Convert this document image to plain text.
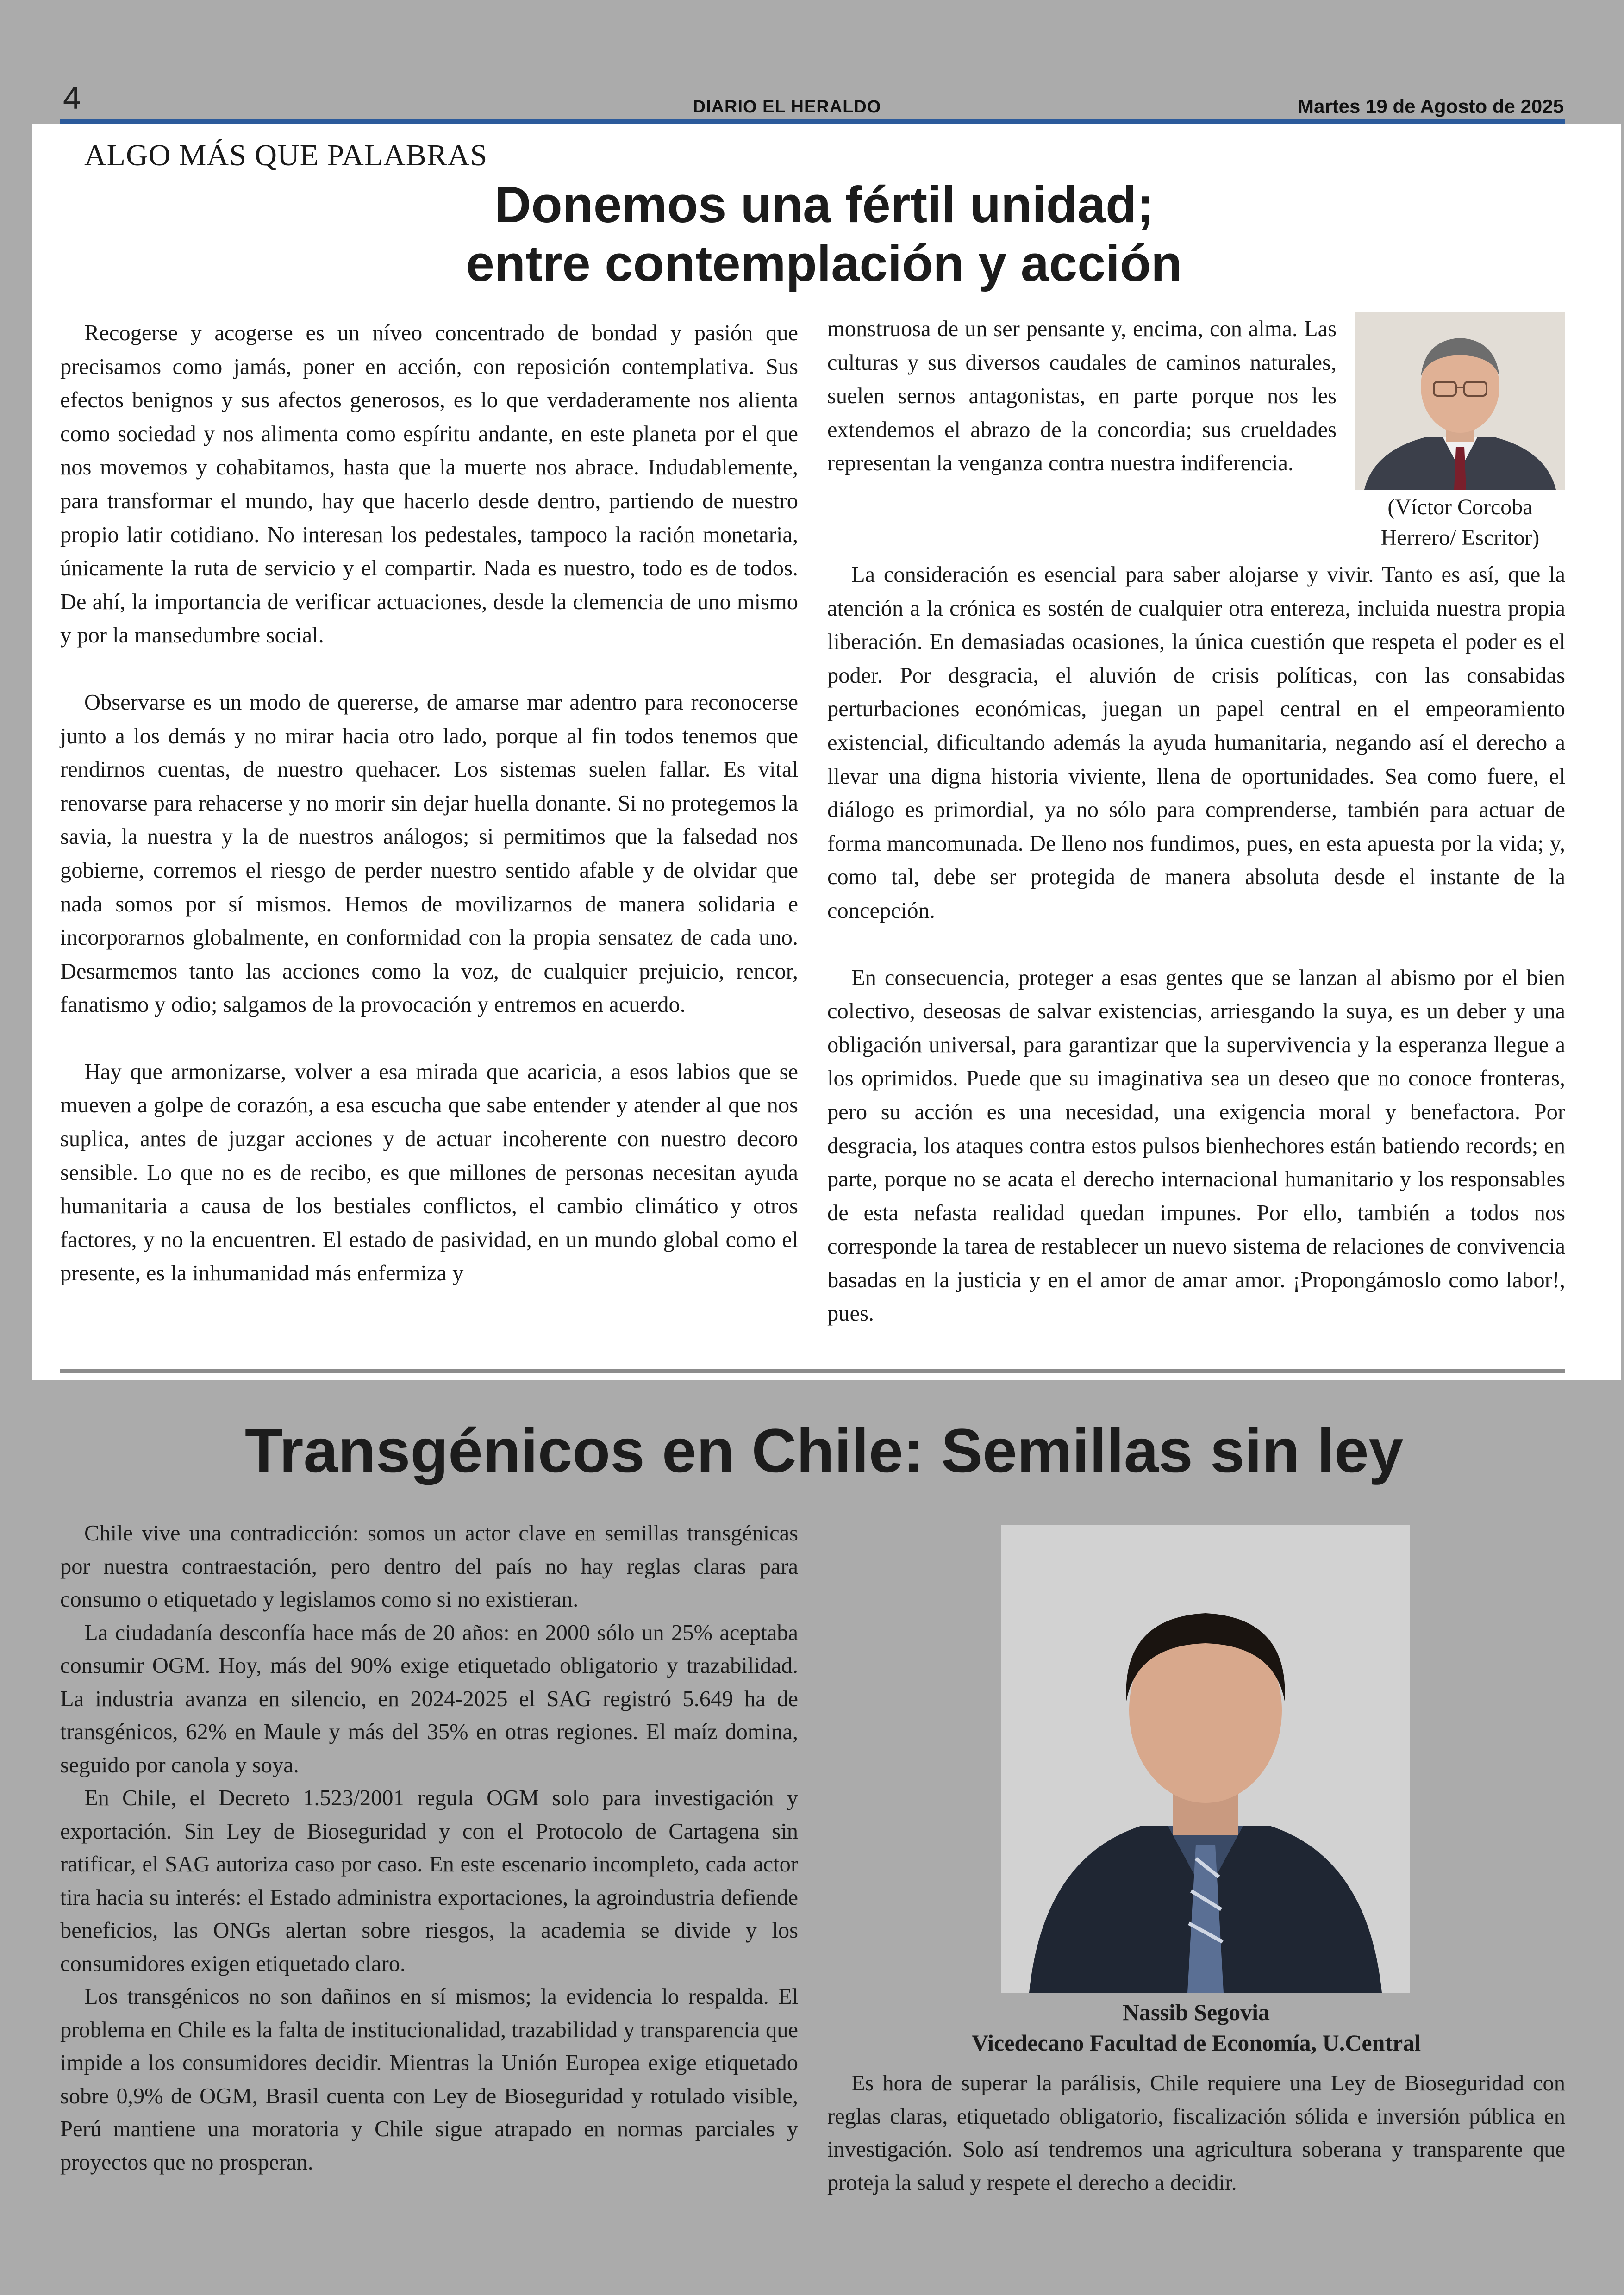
4	DIARIO EL HERALDO	Martes 19 de Agosto de 2025
ALGO MÁS QUE PALABRAS
Donemos una fértil unidad;
entre contemplación y acción

Recogerse y acogerse es un níveo concentrado de bondad y pasión que precisamos como jamás, poner en acción, con reposición contemplativa. Sus efectos benignos y sus afectos generosos, es lo que verdaderamente nos alienta como sociedad y nos alimenta como espíritu andante, en este planeta por el que nos movemos y cohabitamos, hasta que la muerte nos abrace. Indudablemente, para transformar el mundo, hay que hacerlo desde dentro, partiendo de nuestro propio latir cotidiano. No interesan los pedestales, tampoco la ración monetaria, únicamente la ruta de servicio y el compartir. Nada es nuestro, todo es de todos. De ahí, la importancia de verificar actuaciones, desde la clemencia de uno mismo y por la mansedumbre social.

Observarse es un modo de quererse, de amarse mar adentro para reconocerse junto a los demás y no mirar hacia otro lado, porque al fin todos tenemos que rendirnos cuentas, de nuestro quehacer. Los sistemas suelen fallar. Es vital renovarse para rehacerse y no morir sin dejar huella donante. Si no protegemos la savia, la nuestra y la de nuestros análogos; si permitimos que la falsedad nos gobierne, corremos el riesgo de perder nuestro sentido afable y de olvidar que nada somos por sí mismos. Hemos de movilizarnos de manera solidaria e incorporarnos globalmente, en conformidad con la propia sensatez de cada uno. Desarmemos tanto las acciones como la voz, de cualquier prejuicio, rencor, fanatismo y odio; salgamos de la provocación y entremos en acuerdo.

Hay que armonizarse, volver a esa mirada que acaricia, a esos labios que se mueven a golpe de corazón, a esa escucha que sabe entender y atender al que nos suplica, antes de juzgar acciones y de actuar incoherente con nuestro decoro sensible. Lo que no es de recibo, es que millones de personas necesitan ayuda humanitaria a causa de los bestiales conflictos, el cambio climático y otros factores, y no la encuentren. El estado de pasividad, en un mundo global como el presente, es la inhumanidad más enfermiza y

monstruosa de un ser pensante y, encima, con alma. Las culturas y sus diversos caudales de caminos naturales, suelen sernos antagonistas, en parte porque nos les extendemos el abrazo de la concordia; sus crueldades representan la venganza contra nuestra indiferencia.

(Víctor Corcoba
Herrero/ Escritor)

La consideración es esencial para saber alojarse y vivir. Tanto es así, que la atención a la crónica es sostén de cualquier otra entereza, incluida nuestra propia liberación. En demasiadas ocasiones, la única cuestión que respeta el poder es el poder. Por desgracia, el aluvión de crisis políticas, con las consabidas perturbaciones económicas, juegan un papel central en el empeoramiento existencial, dificultando además la ayuda humanitaria, negando así el derecho a llevar una digna historia viviente, llena de oportunidades. Sea como fuere, el diálogo es primordial, ya no sólo para comprenderse, también para actuar de forma mancomunada. De lleno nos fundimos, pues, en esta apuesta por la vida; y, como tal, debe ser protegida de manera absoluta desde el instante de la concepción.

En consecuencia, proteger a esas gentes que se lanzan al abismo por el bien colectivo, deseosas de salvar existencias, arriesgando la suya, es un deber y una obligación universal, para garantizar que la supervivencia y la esperanza llegue a los oprimidos. Puede que su imaginativa sea un deseo que no conoce fronteras, pero su acción es una necesidad, una exigencia moral y benefactora. Por desgracia, los ataques contra estos pulsos bienhechores están batiendo records; en parte, porque no se acata el derecho internacional humanitario y los responsables de esta nefasta realidad quedan impunes. Por ello, también a todos nos corresponde la tarea de restablecer un nuevo sistema de relaciones de convivencia basadas en la justicia y en el amor de amar amor. ¡Propongámoslo como labor!, pues.

Transgénicos en Chile: Semillas sin ley

Chile vive una contradicción: somos un actor clave en semillas transgénicas por nuestra contraestación, pero dentro del país no hay reglas claras para consumo o etiquetado y legislamos como si no existieran.

La ciudadanía desconfía hace más de 20 años: en 2000 sólo un 25% aceptaba consumir OGM. Hoy, más del 90% exige etiquetado obligatorio y trazabilidad. La industria avanza en silencio, en 2024-2025 el SAG registró 5.649 ha de transgénicos, 62% en Maule y más del 35% en otras regiones. El maíz domina, seguido por canola y soya.

En Chile, el Decreto 1.523/2001 regula OGM solo para investigación y exportación. Sin Ley de Bioseguridad y con el Protocolo de Cartagena sin ratificar, el SAG autoriza caso por caso. En este escenario incompleto, cada actor tira hacia su interés: el Estado administra exportaciones, la agroindustria defiende beneficios, las ONGs alertan sobre riesgos, la academia se divide y los consumidores exigen etiquetado claro.

Los transgénicos no son dañinos en sí mismos; la evidencia lo respalda. El problema en Chile es la falta de institucionalidad, trazabilidad y transparencia que impide a los consumidores decidir. Mientras la Unión Europea exige etiquetado sobre 0,9% de OGM, Brasil cuenta con Ley de Bioseguridad y rotulado visible, Perú mantiene una moratoria y Chile sigue atrapado en normas parciales y proyectos que no prosperan.

Nassib Segovia
Vicedecano Facultad de Economía, U.Central

Es hora de superar la parálisis, Chile requiere una Ley de Bioseguridad con reglas claras, etiquetado obligatorio, fiscalización sólida e inversión pública en investigación. Solo así tendremos una agricultura soberana y transparente que proteja la salud y respete el derecho a decidir.
